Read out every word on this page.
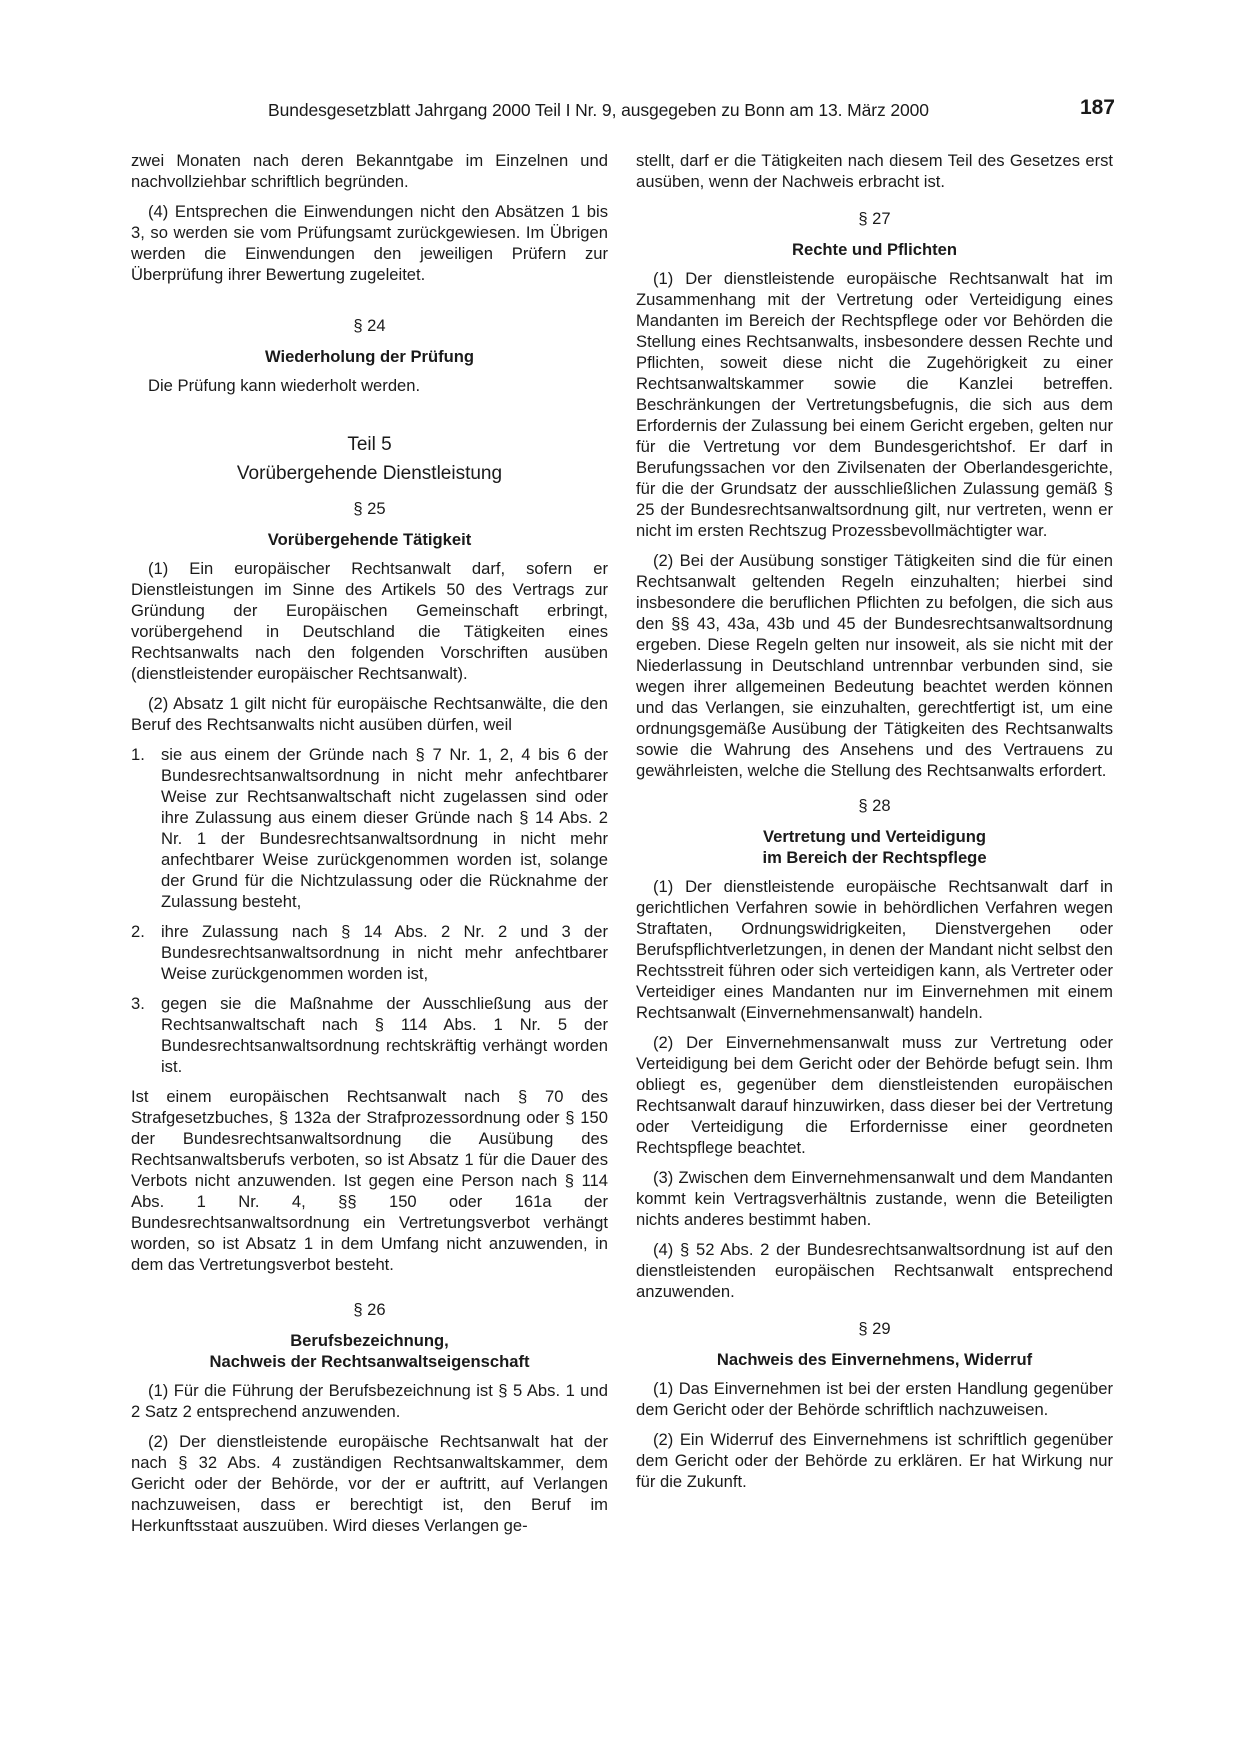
Bundesgesetzblatt Jahrgang 2000 Teil I Nr. 9, ausgegeben zu Bonn am 13. März 2000	187

zwei Monaten nach deren Bekanntgabe im Einzelnen und nachvollziehbar schriftlich begründen.

(4) Entsprechen die Einwendungen nicht den Absätzen 1 bis 3, so werden sie vom Prüfungsamt zurückgewiesen. Im Übrigen werden die Einwendungen den jeweiligen Prüfern zur Überprüfung ihrer Bewertung zugeleitet.

§ 24
Wiederholung der Prüfung

Die Prüfung kann wiederholt werden.

Teil 5
Vorübergehende Dienstleistung
§ 25
Vorübergehende Tätigkeit

(1) Ein europäischer Rechtsanwalt darf, sofern er Dienstleistungen im Sinne des Artikels 50 des Vertrags zur Gründung der Europäischen Gemeinschaft erbringt, vorübergehend in Deutschland die Tätigkeiten eines Rechtsanwalts nach den folgenden Vorschriften ausüben (dienstleistender europäischer Rechtsanwalt).

(2) Absatz 1 gilt nicht für europäische Rechtsanwälte, die den Beruf des Rechtsanwalts nicht ausüben dürfen, weil

1. sie aus einem der Gründe nach § 7 Nr. 1, 2, 4 bis 6 der Bundesrechtsanwaltsordnung in nicht mehr anfechtbarer Weise zur Rechtsanwaltschaft nicht zugelassen sind oder ihre Zulassung aus einem dieser Gründe nach § 14 Abs. 2 Nr. 1 der Bundesrechtsanwaltsordnung in nicht mehr anfechtbarer Weise zurückgenommen worden ist, solange der Grund für die Nichtzulassung oder die Rücknahme der Zulassung besteht,
2. ihre Zulassung nach § 14 Abs. 2 Nr. 2 und 3 der Bundesrechtsanwaltsordnung in nicht mehr anfechtbarer Weise zurückgenommen worden ist,
3. gegen sie die Maßnahme der Ausschließung aus der Rechtsanwaltschaft nach § 114 Abs. 1 Nr. 5 der Bundesrechtsanwaltsordnung rechtskräftig verhängt worden ist.

Ist einem europäischen Rechtsanwalt nach § 70 des Strafgesetzbuches, § 132a der Strafprozessordnung oder § 150 der Bundesrechtsanwaltsordnung die Ausübung des Rechtsanwaltsberufs verboten, so ist Absatz 1 für die Dauer des Verbots nicht anzuwenden. Ist gegen eine Person nach § 114 Abs. 1 Nr. 4, §§ 150 oder 161a der Bundesrechtsanwaltsordnung ein Vertretungsverbot verhängt worden, so ist Absatz 1 in dem Umfang nicht anzuwenden, in dem das Vertretungsverbot besteht.

§ 26
Berufsbezeichnung,
Nachweis der Rechtsanwaltseigenschaft

(1) Für die Führung der Berufsbezeichnung ist § 5 Abs. 1 und 2 Satz 2 entsprechend anzuwenden.

(2) Der dienstleistende europäische Rechtsanwalt hat der nach § 32 Abs. 4 zuständigen Rechtsanwaltskammer, dem Gericht oder der Behörde, vor der er auftritt, auf Verlangen nachzuweisen, dass er berechtigt ist, den Beruf im Herkunftsstaat auszuüben. Wird dieses Verlangen ge-

stellt, darf er die Tätigkeiten nach diesem Teil des Gesetzes erst ausüben, wenn der Nachweis erbracht ist.

§ 27
Rechte und Pflichten

(1) Der dienstleistende europäische Rechtsanwalt hat im Zusammenhang mit der Vertretung oder Verteidigung eines Mandanten im Bereich der Rechtspflege oder vor Behörden die Stellung eines Rechtsanwalts, insbesondere dessen Rechte und Pflichten, soweit diese nicht die Zugehörigkeit zu einer Rechtsanwaltskammer sowie die Kanzlei betreffen. Beschränkungen der Vertretungsbefugnis, die sich aus dem Erfordernis der Zulassung bei einem Gericht ergeben, gelten nur für die Vertretung vor dem Bundesgerichtshof. Er darf in Berufungssachen vor den Zivilsenaten der Oberlandesgerichte, für die der Grundsatz der ausschließlichen Zulassung gemäß § 25 der Bundesrechtsanwaltsordnung gilt, nur vertreten, wenn er nicht im ersten Rechtszug Prozessbevollmächtigter war.

(2) Bei der Ausübung sonstiger Tätigkeiten sind die für einen Rechtsanwalt geltenden Regeln einzuhalten; hierbei sind insbesondere die beruflichen Pflichten zu befolgen, die sich aus den §§ 43, 43a, 43b und 45 der Bundesrechtsanwaltsordnung ergeben. Diese Regeln gelten nur insoweit, als sie nicht mit der Niederlassung in Deutschland untrennbar verbunden sind, sie wegen ihrer allgemeinen Bedeutung beachtet werden können und das Verlangen, sie einzuhalten, gerechtfertigt ist, um eine ordnungsgemäße Ausübung der Tätigkeiten des Rechtsanwalts sowie die Wahrung des Ansehens und des Vertrauens zu gewährleisten, welche die Stellung des Rechtsanwalts erfordert.

§ 28
Vertretung und Verteidigung
im Bereich der Rechtspflege

(1) Der dienstleistende europäische Rechtsanwalt darf in gerichtlichen Verfahren sowie in behördlichen Verfahren wegen Straftaten, Ordnungswidrigkeiten, Dienstvergehen oder Berufspflichtverletzungen, in denen der Mandant nicht selbst den Rechtsstreit führen oder sich verteidigen kann, als Vertreter oder Verteidiger eines Mandanten nur im Einvernehmen mit einem Rechtsanwalt (Einvernehmensanwalt) handeln.

(2) Der Einvernehmensanwalt muss zur Vertretung oder Verteidigung bei dem Gericht oder der Behörde befugt sein. Ihm obliegt es, gegenüber dem dienstleistenden europäischen Rechtsanwalt darauf hinzuwirken, dass dieser bei der Vertretung oder Verteidigung die Erfordernisse einer geordneten Rechtspflege beachtet.

(3) Zwischen dem Einvernehmensanwalt und dem Mandanten kommt kein Vertragsverhältnis zustande, wenn die Beteiligten nichts anderes bestimmt haben.

(4) § 52 Abs. 2 der Bundesrechtsanwaltsordnung ist auf den dienstleistenden europäischen Rechtsanwalt entsprechend anzuwenden.

§ 29
Nachweis des Einvernehmens, Widerruf

(1) Das Einvernehmen ist bei der ersten Handlung gegenüber dem Gericht oder der Behörde schriftlich nachzuweisen.

(2) Ein Widerruf des Einvernehmens ist schriftlich gegenüber dem Gericht oder der Behörde zu erklären. Er hat Wirkung nur für die Zukunft.
